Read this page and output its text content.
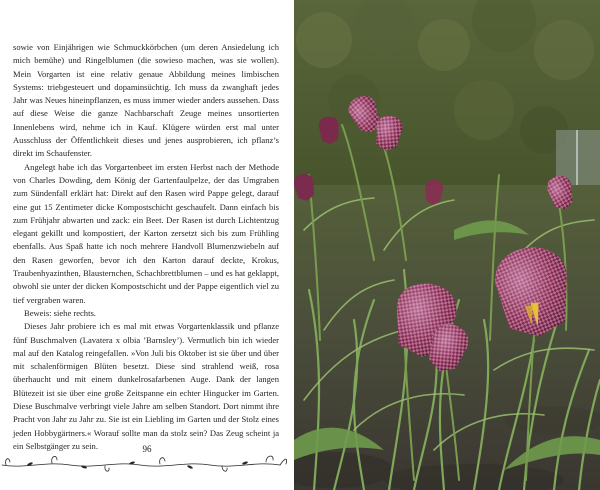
sowie von Einjährigen wie Schmuckkörbchen (um deren Ansiedelung ich mich bemühe) und Ringelblumen (die sowieso machen, was sie wollen). Mein Vorgarten ist eine relativ genaue Abbildung meines limbischen Systems: triebgesteuert und dopaminsüchtig. Ich muss da zwanghaft jedes Jahr was Neues hineinpflanzen, es muss immer wieder anders aussehen. Dass auf diese Weise die ganze Nachbarschaft Zeuge meines unsortierten Innenlebens wird, nehme ich in Kauf. Klügere würden erst mal unter Ausschluss der Öffentlichkeit dieses und jenes ausprobieren, ich pflanz’s direkt im Schaufenster.

Angelegt habe ich das Vorgartenbeet im ersten Herbst nach der Methode von Charles Dowding, dem König der Gartenfaulpelze, der das Umgraben zum Sündenfall erklärt hat: Direkt auf den Rasen wird Pappe gelegt, darauf eine gut 15 Zentimeter dicke Kompostschicht geschaufelt. Dann einfach bis zum Frühjahr abwarten und zack: ein Beet. Der Rasen ist durch Lichtentzug elegant gekillt und kompostiert, der Karton zersetzt sich bis zum Frühling ebenfalls. Aus Spaß hatte ich noch mehrere Handvoll Blumenzwiebeln auf den Rasen geworfen, bevor ich den Karton darauf deckte, Krokus, Traubenhyazinthen, Blausternchen, Schachbrettblumen – und es hat geklappt, obwohl sie unter der dicken Kompostschicht und der Pappe eigentlich viel zu tief vergraben waren.

Beweis: siehe rechts.

Dieses Jahr probiere ich es mal mit etwas Vorgartenklassik und pflanze fünf Buschmalven (Lavatera x olbia ’Barnsley’). Vermutlich bin ich wieder mal auf den Katalog reingefallen. »Von Juli bis Oktober ist sie über und über mit schalenförmigen Blüten besetzt. Diese sind strahlend weiß, rosa überhaucht und mit einem dunkelrosafarbenen Auge. Dank der langen Blütezeit ist sie über eine große Zeitspanne ein echter Hingucker im Garten. Diese Buschmalve verbringt viele Jahre am selben Standort. Dort nimmt ihre Pracht von Jahr zu Jahr zu. Sie ist ein Liebling im Garten und der Stolz eines jeden Hobbygärtners.« Worauf sollte man da stolz sein? Das Zeug scheint ja ein Selbstgänger zu sein.	96
